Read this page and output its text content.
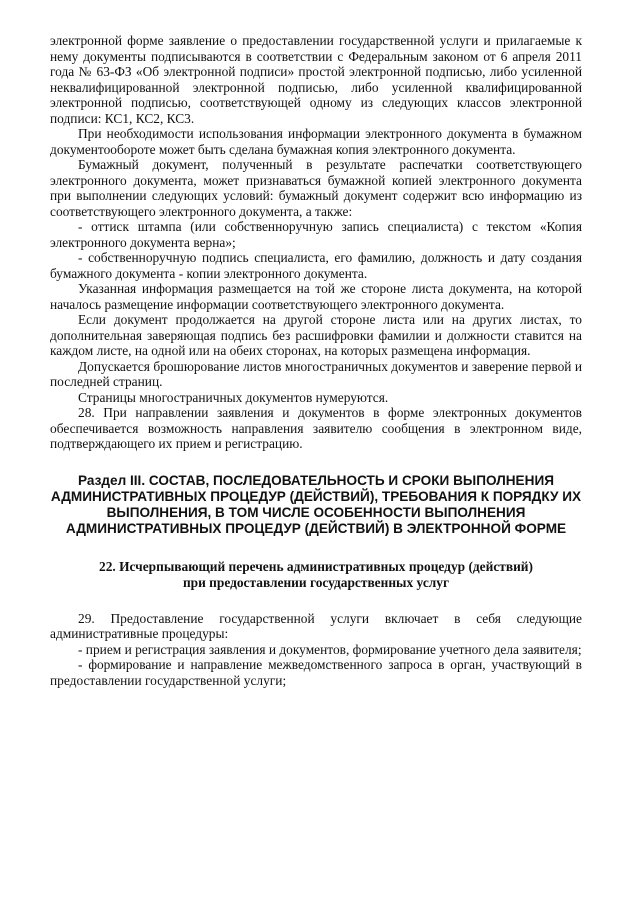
электронной форме заявление о предоставлении государственной услуги и прилагаемые к нему документы подписываются в соответствии с Федеральным законом от 6 апреля 2011 года № 63-ФЗ «Об электронной подписи» простой электронной подписью, либо усиленной неквалифицированной электронной подписью, либо усиленной квалифицированной электронной подписью, соответствующей одному из следующих классов электронной подписи: КС1, КС2, КС3.

При необходимости использования информации электронного документа в бумажном документообороте может быть сделана бумажная копия электронного документа.

Бумажный документ, полученный в результате распечатки соответствующего электронного документа, может признаваться бумажной копией электронного документа при выполнении следующих условий: бумажный документ содержит всю информацию из соответствующего электронного документа, а также:

- оттиск штампа (или собственноручную запись специалиста) с текстом «Копия электронного документа верна»;

- собственноручную подпись специалиста, его фамилию, должность и дату создания бумажного документа - копии электронного документа.

Указанная информация размещается на той же стороне листа документа, на которой началось размещение информации соответствующего электронного документа.

Если документ продолжается на другой стороне листа или на других листах, то дополнительная заверяющая подпись без расшифровки фамилии и должности ставится на каждом листе, на одной или на обеих сторонах, на которых размещена информация.

Допускается брошюрование листов многостраничных документов и заверение первой и последней страниц.

Страницы многостраничных документов нумеруются.

28. При направлении заявления и документов в форме электронных документов обеспечивается возможность направления заявителю сообщения в электронном виде, подтверждающего их прием и регистрацию.

Раздел III. СОСТАВ, ПОСЛЕДОВАТЕЛЬНОСТЬ И СРОКИ ВЫПОЛНЕНИЯ АДМИНИСТРАТИВНЫХ ПРОЦЕДУР (ДЕЙСТВИЙ), ТРЕБОВАНИЯ К ПОРЯДКУ ИХ ВЫПОЛНЕНИЯ, В ТОМ ЧИСЛЕ ОСОБЕННОСТИ ВЫПОЛНЕНИЯ АДМИНИСТРАТИВНЫХ ПРОЦЕДУР (ДЕЙСТВИЙ) В ЭЛЕКТРОННОЙ ФОРМЕ
22. Исчерпывающий перечень административных процедур (действий) при предоставлении государственных услуг

29. Предоставление государственной услуги включает в себя следующие административные процедуры:

- прием и регистрация заявления и документов, формирование учетного дела заявителя;

- формирование и направление межведомственного запроса в орган, участвующий в предоставлении государственной услуги;
